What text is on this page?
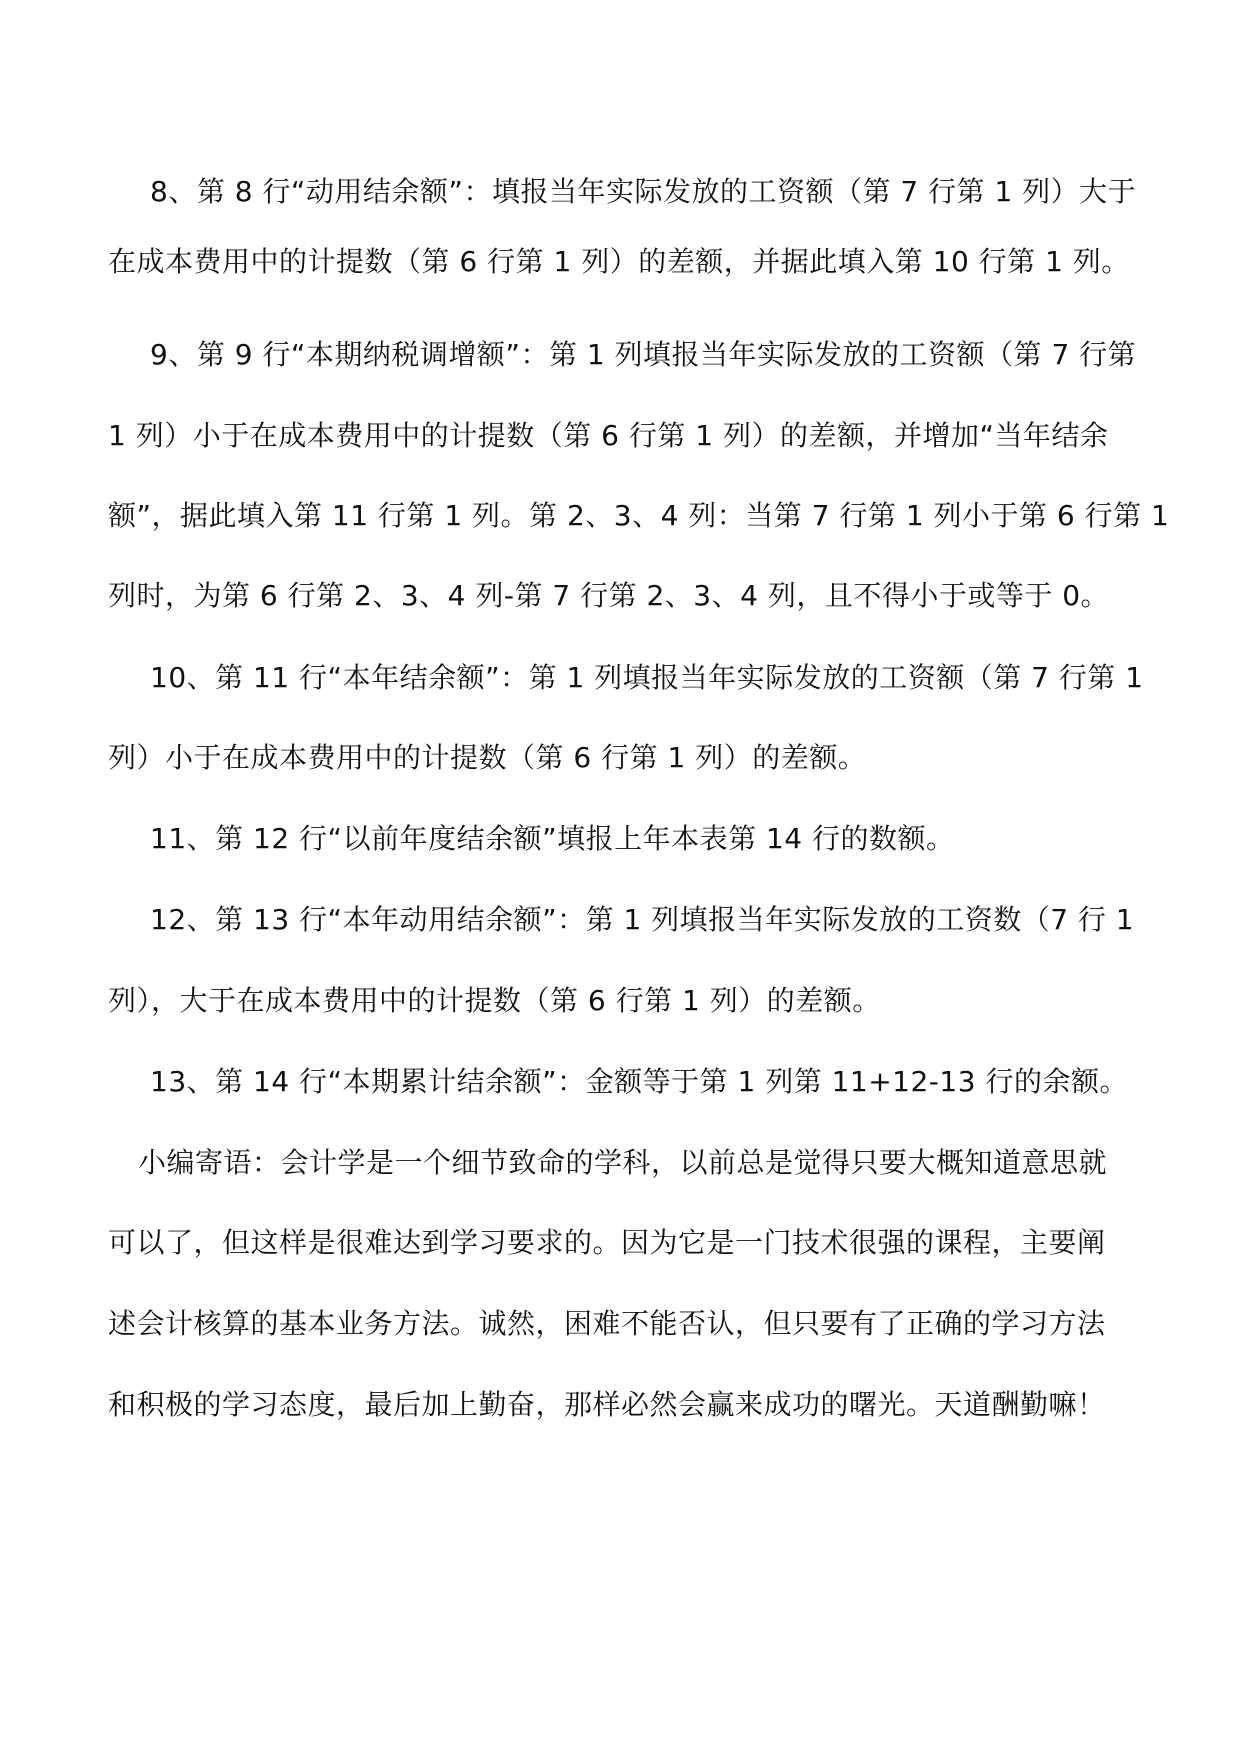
8、第 8 行“动用结余额”：填报当年实际发放的工资额（第 7 行第 1 列）大于
在成本费用中的计提数（第 6 行第 1 列）的差额，并据此填入第 10 行第 1 列。
9、第 9 行“本期纳税调增额”：第 1 列填报当年实际发放的工资额（第 7 行第
1 列）小于在成本费用中的计提数（第 6 行第 1 列）的差额，并增加“当年结余
额”，据此填入第 11 行第 1 列。第 2、3、4 列：当第 7 行第 1 列小于第 6 行第 1
列时，为第 6 行第 2、3、4 列-第 7 行第 2、3、4 列，且不得小于或等于 0。
10、第 11 行“本年结余额”：第 1 列填报当年实际发放的工资额（第 7 行第 1
列）小于在成本费用中的计提数（第 6 行第 1 列）的差额。
11、第 12 行“以前年度结余额”填报上年本表第 14 行的数额。
12、第 13 行“本年动用结余额”：第 1 列填报当年实际发放的工资数（7 行 1
列），大于在成本费用中的计提数（第 6 行第 1 列）的差额。
13、第 14 行“本期累计结余额”：金额等于第 1 列第 11+12-13 行的余额。
小编寄语：会计学是一个细节致命的学科，以前总是觉得只要大概知道意思就
可以了，但这样是很难达到学习要求的。因为它是一门技术很强的课程，主要阐
述会计核算的基本业务方法。诚然，困难不能否认，但只要有了正确的学习方法
和积极的学习态度，最后加上勤奋，那样必然会赢来成功的曙光。天道酬勤嘛！
